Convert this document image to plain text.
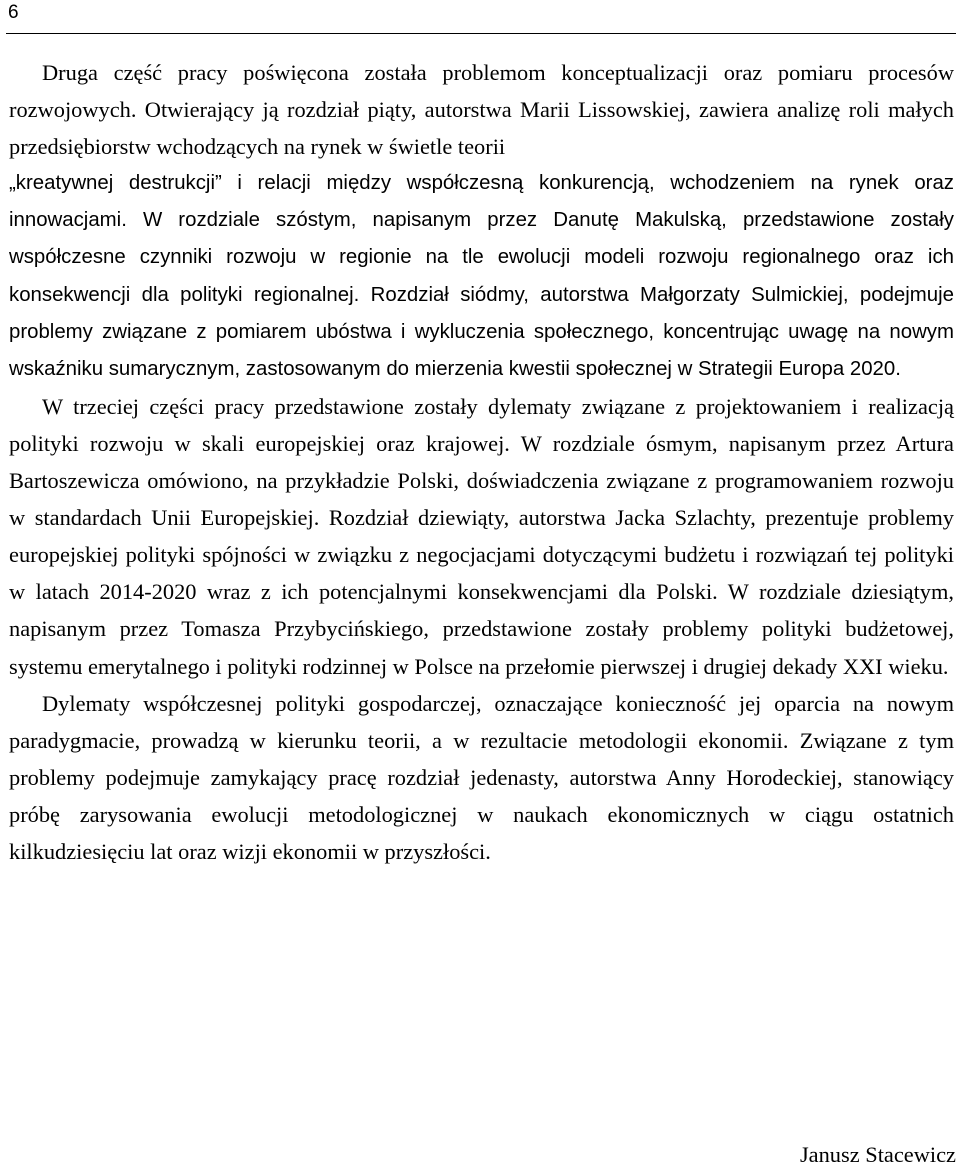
6

Druga część pracy poświęcona została problemom konceptualizacji oraz pomiaru procesów rozwojowych. Otwierający ją rozdział piąty, autorstwa Marii Lissowskiej, zawiera analizę roli małych przedsiębiorstw wchodzących na rynek w świetle teorii

„kreatywnej destrukcji” i relacji między współczesną konkurencją, wchodzeniem na rynek oraz innowacjami. W rozdziale szóstym, napisanym przez Danutę Makulską, przedstawione zostały współczesne czynniki rozwoju w regionie na tle ewolucji modeli rozwoju regionalnego oraz ich konsekwencji dla polityki regionalnej. Rozdział siódmy, autorstwa Małgorzaty Sulmickiej, podejmuje problemy związane z pomiarem ubóstwa i wykluczenia społecznego, koncentrując uwagę na nowym wskaźniku sumarycznym, zastosowanym do mierzenia kwestii społecznej w Strategii Europa 2020.

W trzeciej części pracy przedstawione zostały dylematy związane z projektowaniem i realizacją polityki rozwoju w skali europejskiej oraz krajowej. W rozdziale ósmym, napisanym przez Artura Bartoszewicza omówiono, na przykładzie Polski, doświadczenia związane z programowaniem rozwoju w standardach Unii Europejskiej. Rozdział dziewiąty, autorstwa Jacka Szlachty, prezentuje problemy europejskiej polityki spójności w związku z negocjacjami dotyczącymi budżetu i rozwiązań tej polityki w latach 2014-2020 wraz z ich potencjalnymi konsekwencjami dla Polski. W rozdziale dziesiątym, napisanym przez Tomasza Przybycińskiego, przedstawione zostały problemy polityki budżetowej, systemu emerytalnego i polityki rodzinnej w Polsce na przełomie pierwszej i drugiej dekady XXI wieku.

Dylematy współczesnej polityki gospodarczej, oznaczające konieczność jej oparcia na nowym paradygmacie, prowadzą w kierunku teorii, a w rezultacie metodologii ekonomii. Związane z tym problemy podejmuje zamykający pracę rozdział jedenasty, autorstwa Anny Horodeckiej, stanowiący próbę zarysowania ewolucji metodologicznej w naukach ekonomicznych w ciągu ostatnich kilkudziesięciu lat oraz wizji ekonomii w przyszłości.

Janusz Stacewicz
